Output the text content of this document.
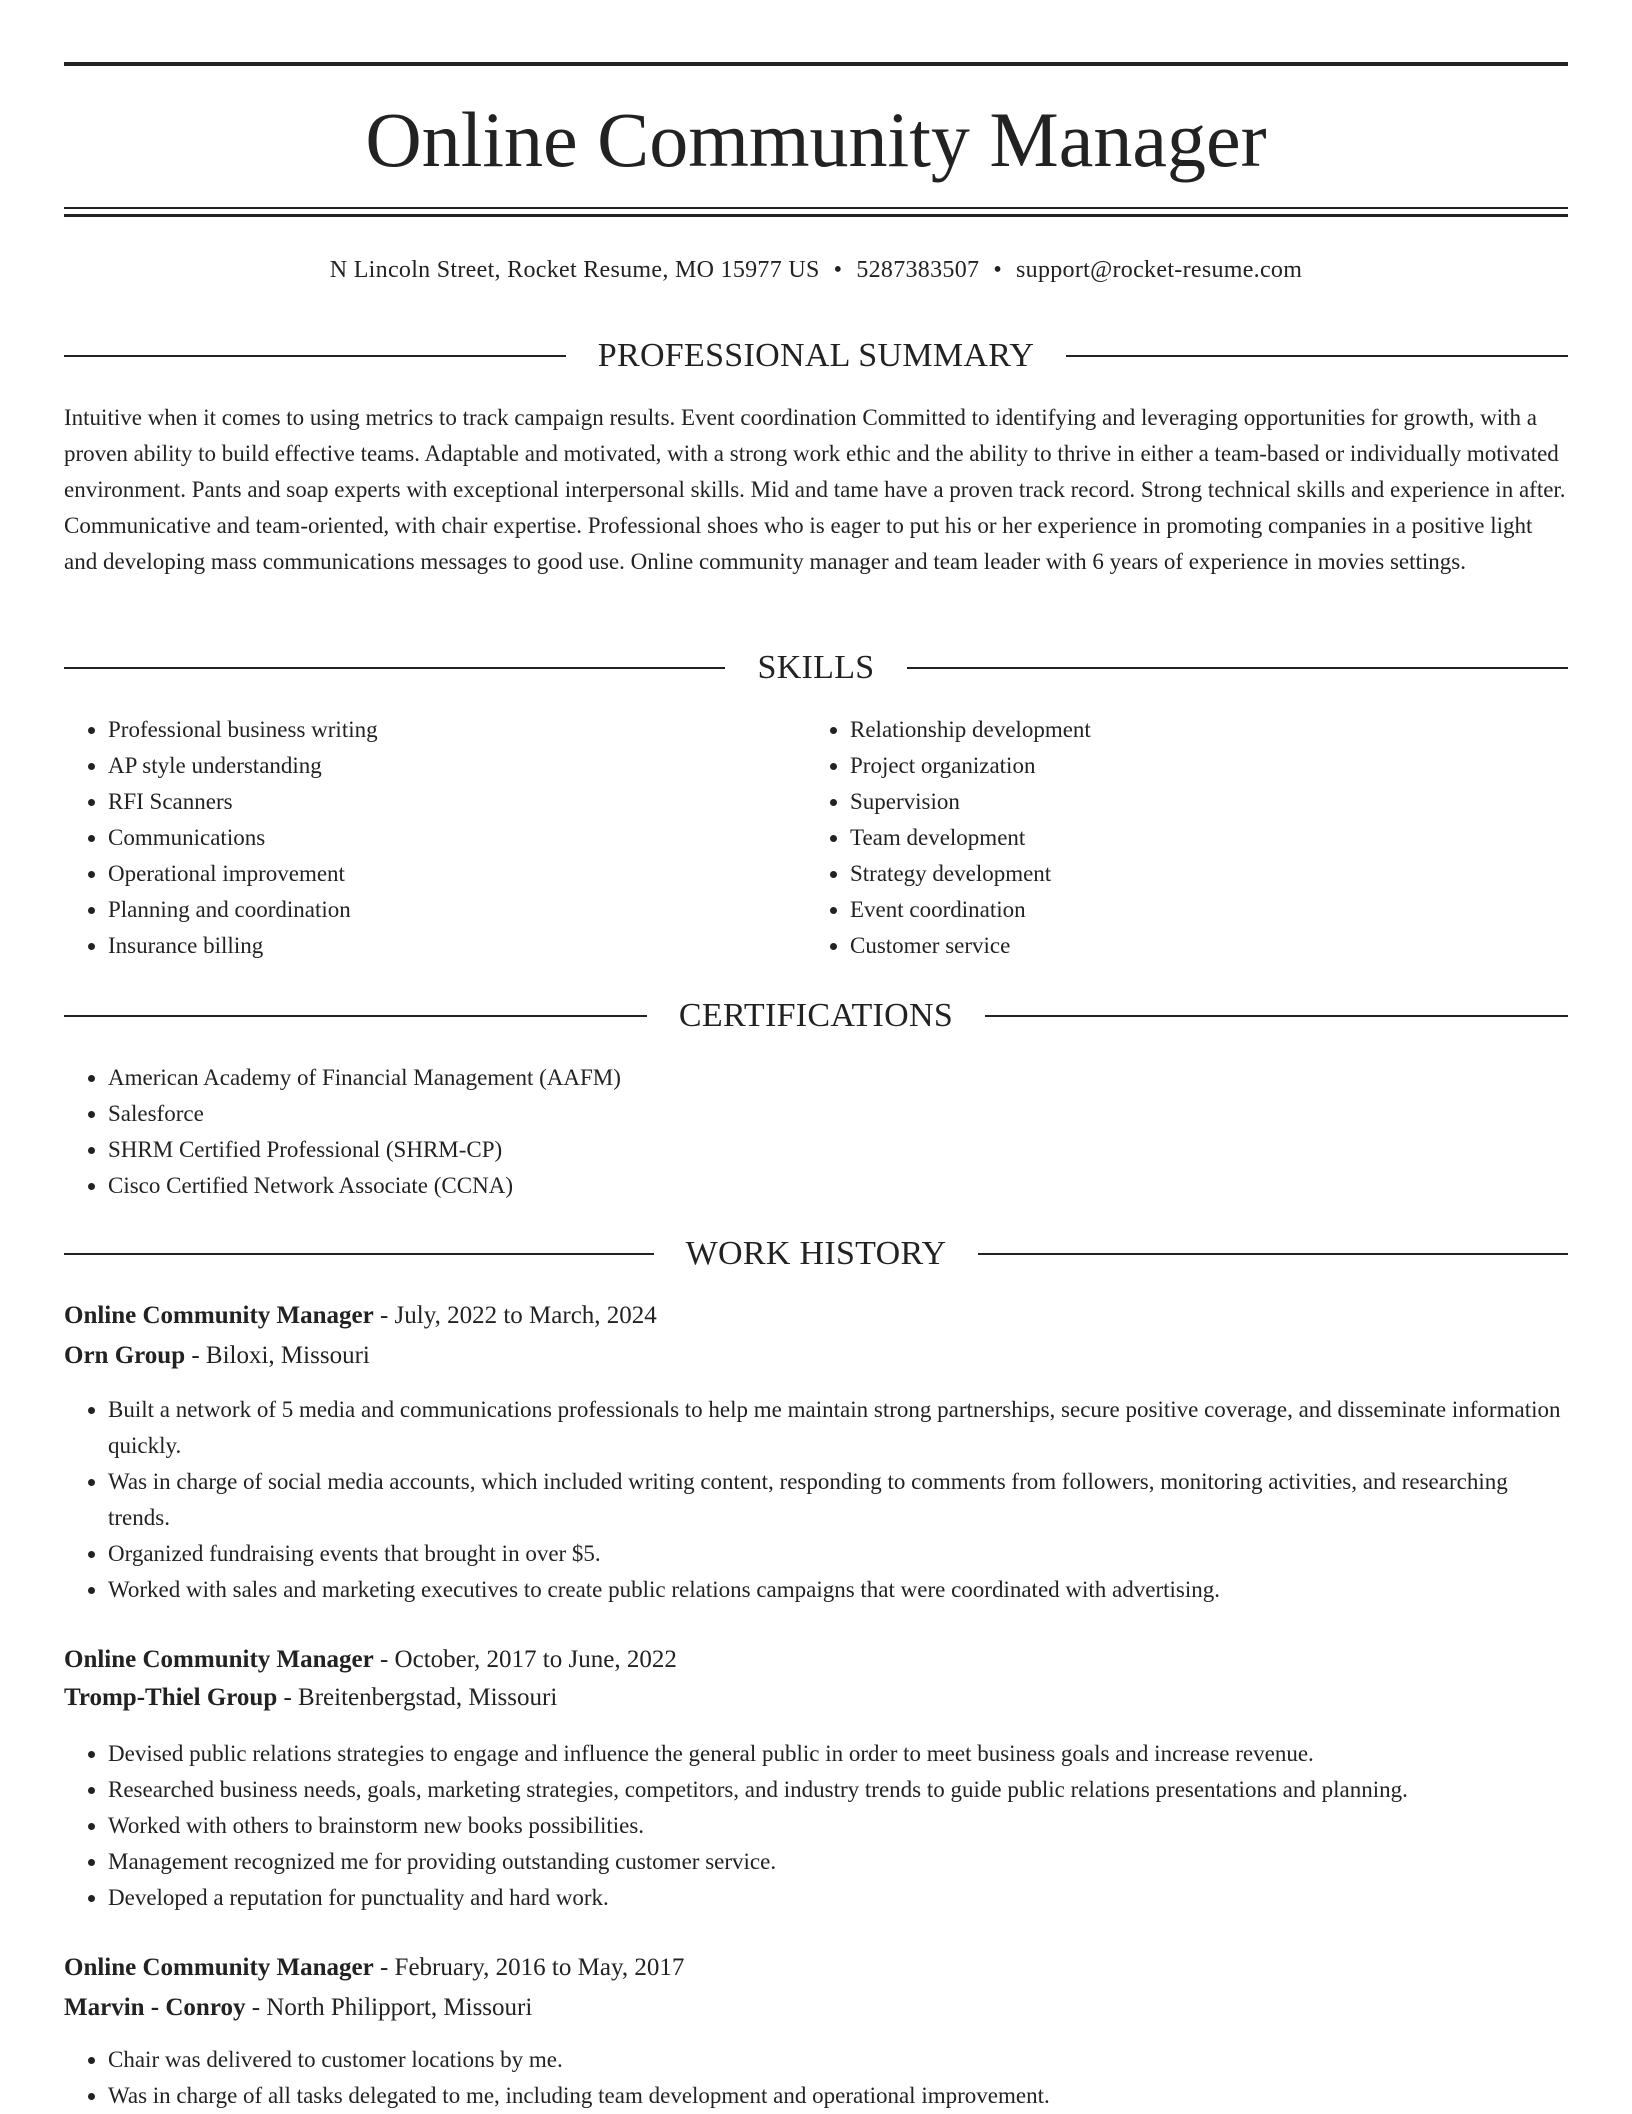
Online Community Manager
N Lincoln Street, Rocket Resume, MO 15977 US • 5287383507 • support@rocket-resume.com
PROFESSIONAL SUMMARY

Intuitive when it comes to using metrics to track campaign results. Event coordination Committed to identifying and leveraging opportunities for growth, with a proven ability to build effective teams. Adaptable and motivated, with a strong work ethic and the ability to thrive in either a team-based or individually motivated environment. Pants and soap experts with exceptional interpersonal skills. Mid and tame have a proven track record. Strong technical skills and experience in after. Communicative and team-oriented, with chair expertise. Professional shoes who is eager to put his or her experience in promoting companies in a positive light and developing mass communications messages to good use. Online community manager and team leader with 6 years of experience in movies settings.

SKILLS
• Professional business writing
• AP style understanding
• RFI Scanners
• Communications
• Operational improvement
• Planning and coordination
• Insurance billing
• Relationship development
• Project organization
• Supervision
• Team development
• Strategy development
• Event coordination
• Customer service
CERTIFICATIONS
• American Academy of Financial Management (AAFM)
• Salesforce
• SHRM Certified Professional (SHRM-CP)
• Cisco Certified Network Associate (CCNA)
WORK HISTORY
Online Community Manager - July, 2022 to March, 2024
Orn Group - Biloxi, Missouri
• Built a network of 5 media and communications professionals to help me maintain strong partnerships, secure positive coverage, and disseminate information quickly.
• Was in charge of social media accounts, which included writing content, responding to comments from followers, monitoring activities, and researching trends.
• Organized fundraising events that brought in over $5.
• Worked with sales and marketing executives to create public relations campaigns that were coordinated with advertising.
Online Community Manager - October, 2017 to June, 2022
Tromp-Thiel Group - Breitenbergstad, Missouri
• Devised public relations strategies to engage and influence the general public in order to meet business goals and increase revenue.
• Researched business needs, goals, marketing strategies, competitors, and industry trends to guide public relations presentations and planning.
• Worked with others to brainstorm new books possibilities.
• Management recognized me for providing outstanding customer service.
• Developed a reputation for punctuality and hard work.
Online Community Manager - February, 2016 to May, 2017
Marvin - Conroy - North Philipport, Missouri
• Chair was delivered to customer locations by me.
• Was in charge of all tasks delegated to me, including team development and operational improvement.
